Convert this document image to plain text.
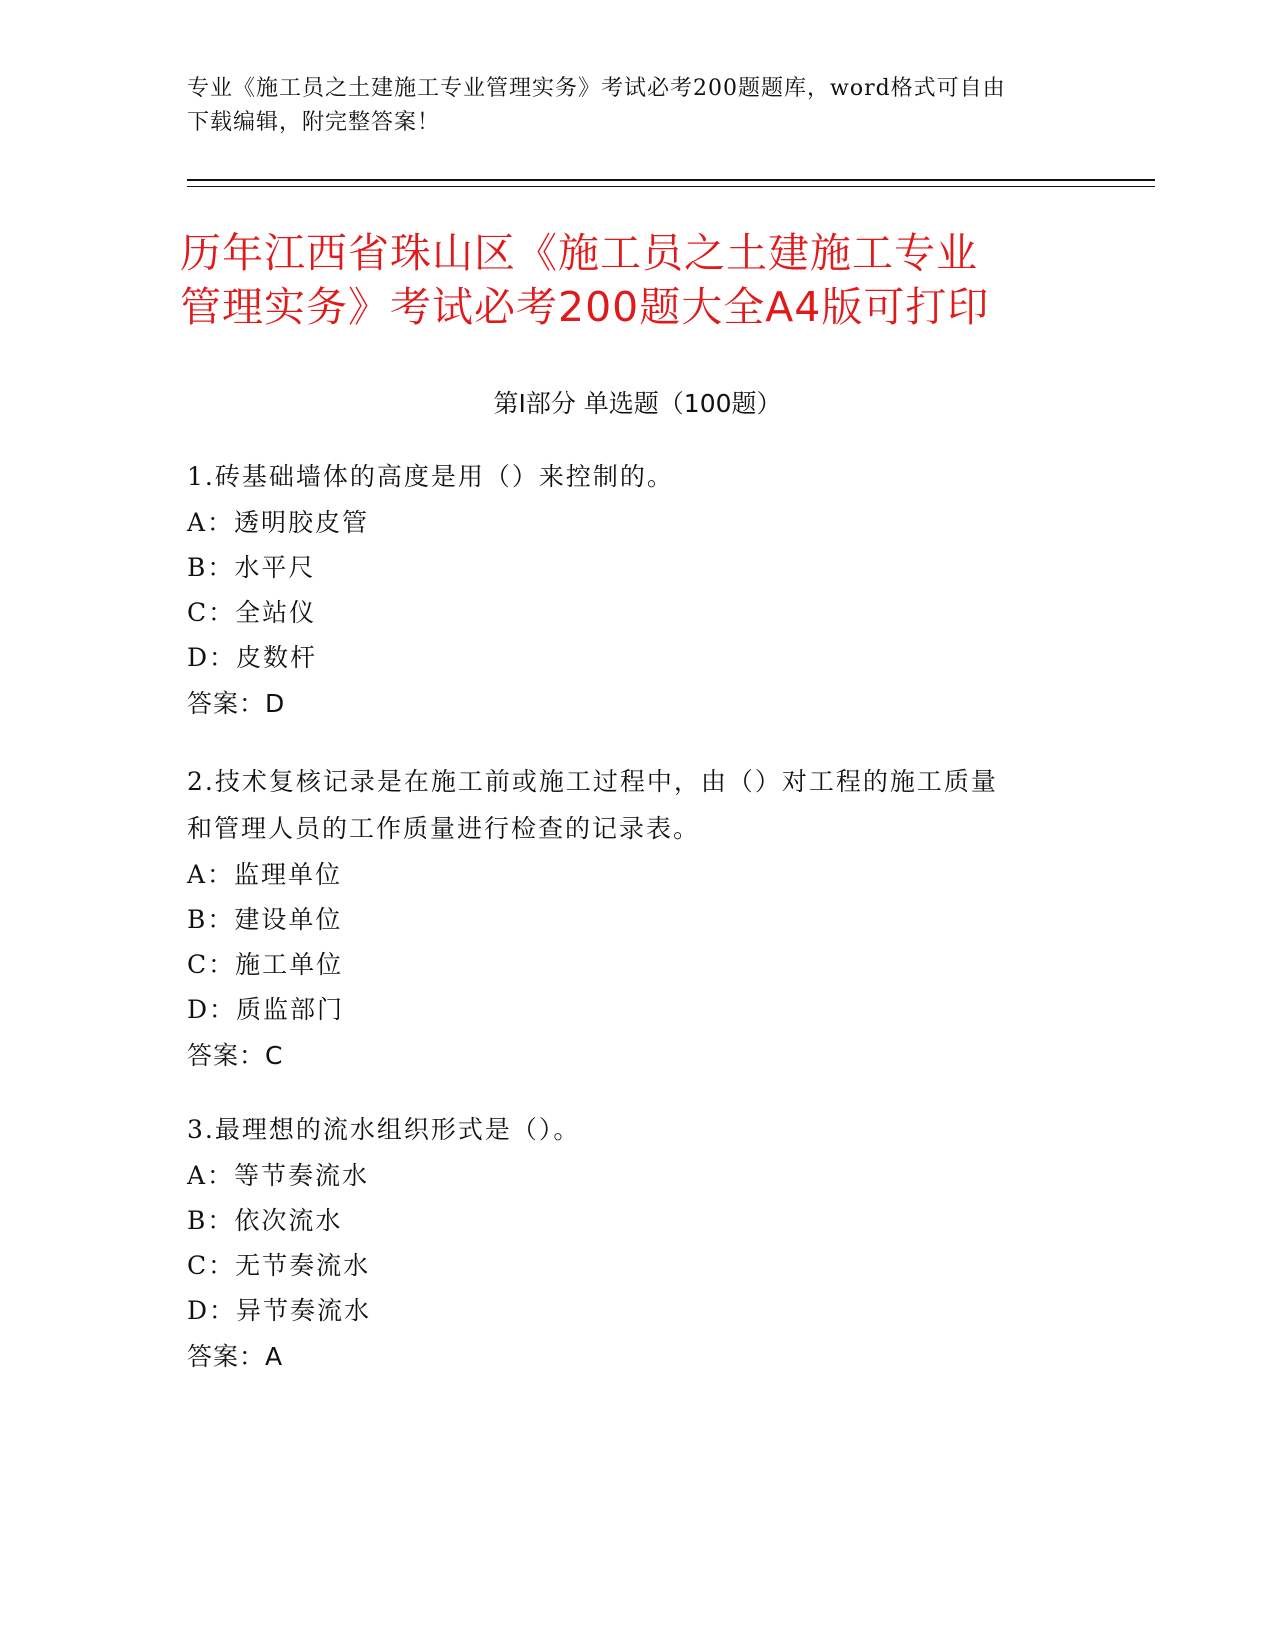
专业《施工员之土建施工专业管理实务》考试必考200题题库，word格式可自由
下载编辑，附完整答案！
历年江西省珠山区《施工员之土建施工专业
管理实务》考试必考200题大全A4版可打印
第Ⅰ部分 单选题（100题）
1.砖基础墙体的高度是用（）来控制的。
A：透明胶皮管
B：水平尺
C：全站仪
D：皮数杆
答案：D
2.技术复核记录是在施工前或施工过程中，由（）对工程的施工质量
和管理人员的工作质量进行检查的记录表。
A：监理单位
B：建设单位
C：施工单位
D：质监部门
答案：C
3.最理想的流水组织形式是（）。
A：等节奏流水
B：依次流水
C：无节奏流水
D：异节奏流水
答案：A
